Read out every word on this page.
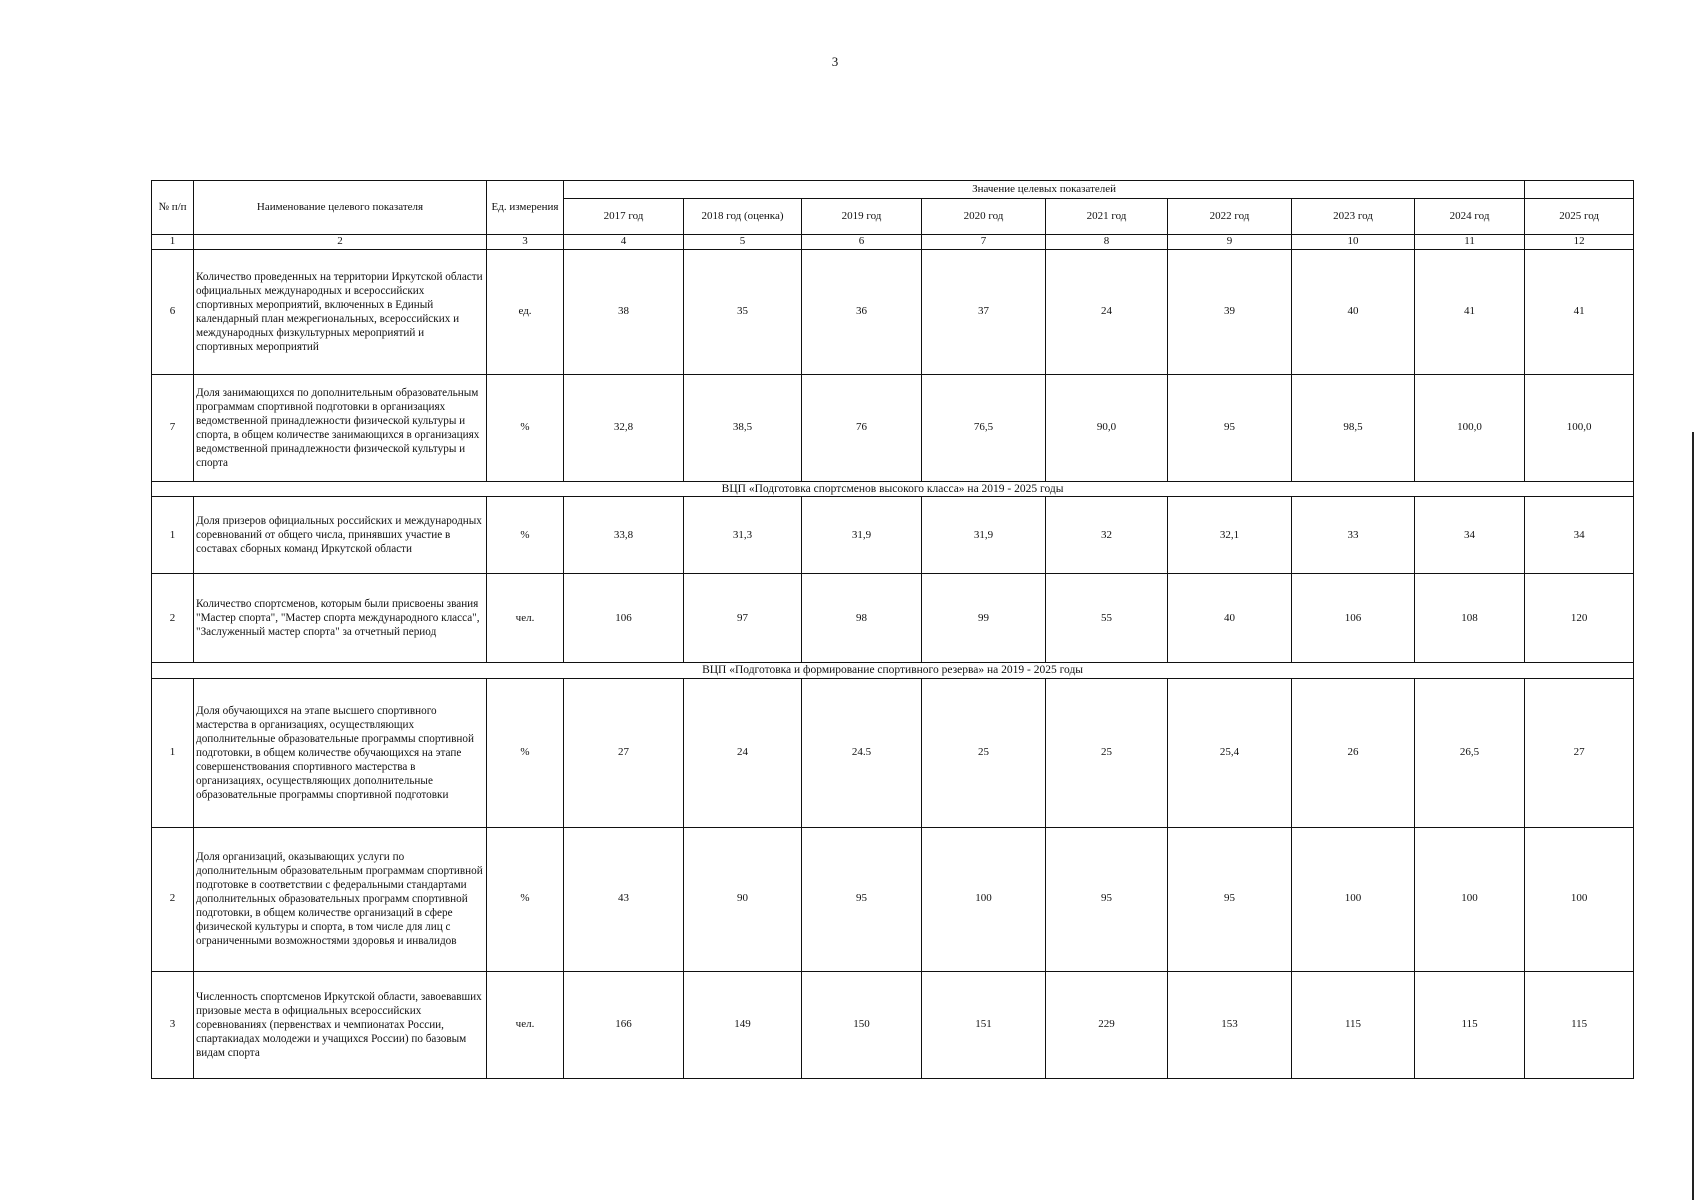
3
№ п/п	Наименование целевого показателя	Ед. измерения	Значение целевых показателей								
			2017 год	2018 год (оценка)	2019 год	2020 год	2021 год	2022 год	2023 год	2024 год	2025 год
1	2	3	4	5	6	7	8	9	10	11	12
6	Количество проведенных на территории Иркутской области официальных международных и всероссийских спортивных мероприятий, включенных в Единый календарный план межрегиональных, всероссийских и международных физкультурных мероприятий и спортивных мероприятий	ед.	38	35	36	37	24	39	40	41	41
7	Доля занимающихся по дополнительным образовательным программам спортивной подготовки в организациях ведомственной принадлежности физической культуры и спорта, в общем количестве занимающихся в организациях ведомственной принадлежности физической культуры и спорта	%	32,8	38,5	76	76,5	90,0	95	98,5	100,0	100,0
ВЦП «Подготовка спортсменов высокого класса» на 2019 - 2025 годы											
1	Доля призеров официальных российских и международных соревнований от общего числа, принявших участие в составах сборных команд Иркутской области	%	33,8	31,3	31,9	31,9	32	32,1	33	34	34
2	Количество спортсменов, которым были присвоены звания "Мастер спорта", "Мастер спорта международного класса", "Заслуженный мастер спорта" за отчетный период	чел.	106	97	98	99	55	40	106	108	120
ВЦП «Подготовка и формирование спортивного резерва» на 2019 - 2025 годы											
1	Доля обучающихся на этапе высшего спортивного мастерства в организациях, осуществляющих дополнительные образовательные программы спортивной подготовки, в общем количестве обучающихся на этапе совершенствования спортивного мастерства в организациях, осуществляющих дополнительные образовательные программы спортивной подготовки	%	27	24	24.5	25	25	25,4	26	26,5	27
2	Доля организаций, оказывающих услуги по дополнительным образовательным программам спортивной подготовке в соответствии с федеральными стандартами дополнительных образовательных программ спортивной подготовки, в общем количестве организаций в сфере физической культуры и спорта, в том числе для лиц с ограниченными возможностями здоровья и инвалидов	%	43	90	95	100	95	95	100	100	100
3	Численность спортсменов Иркутской области, завоевавших призовые места в официальных всероссийских соревнованиях (первенствах и чемпионатах России, спартакиадах молодежи и учащихся России) по базовым видам спорта	чел.	166	149	150	151	229	153	115	115	115
